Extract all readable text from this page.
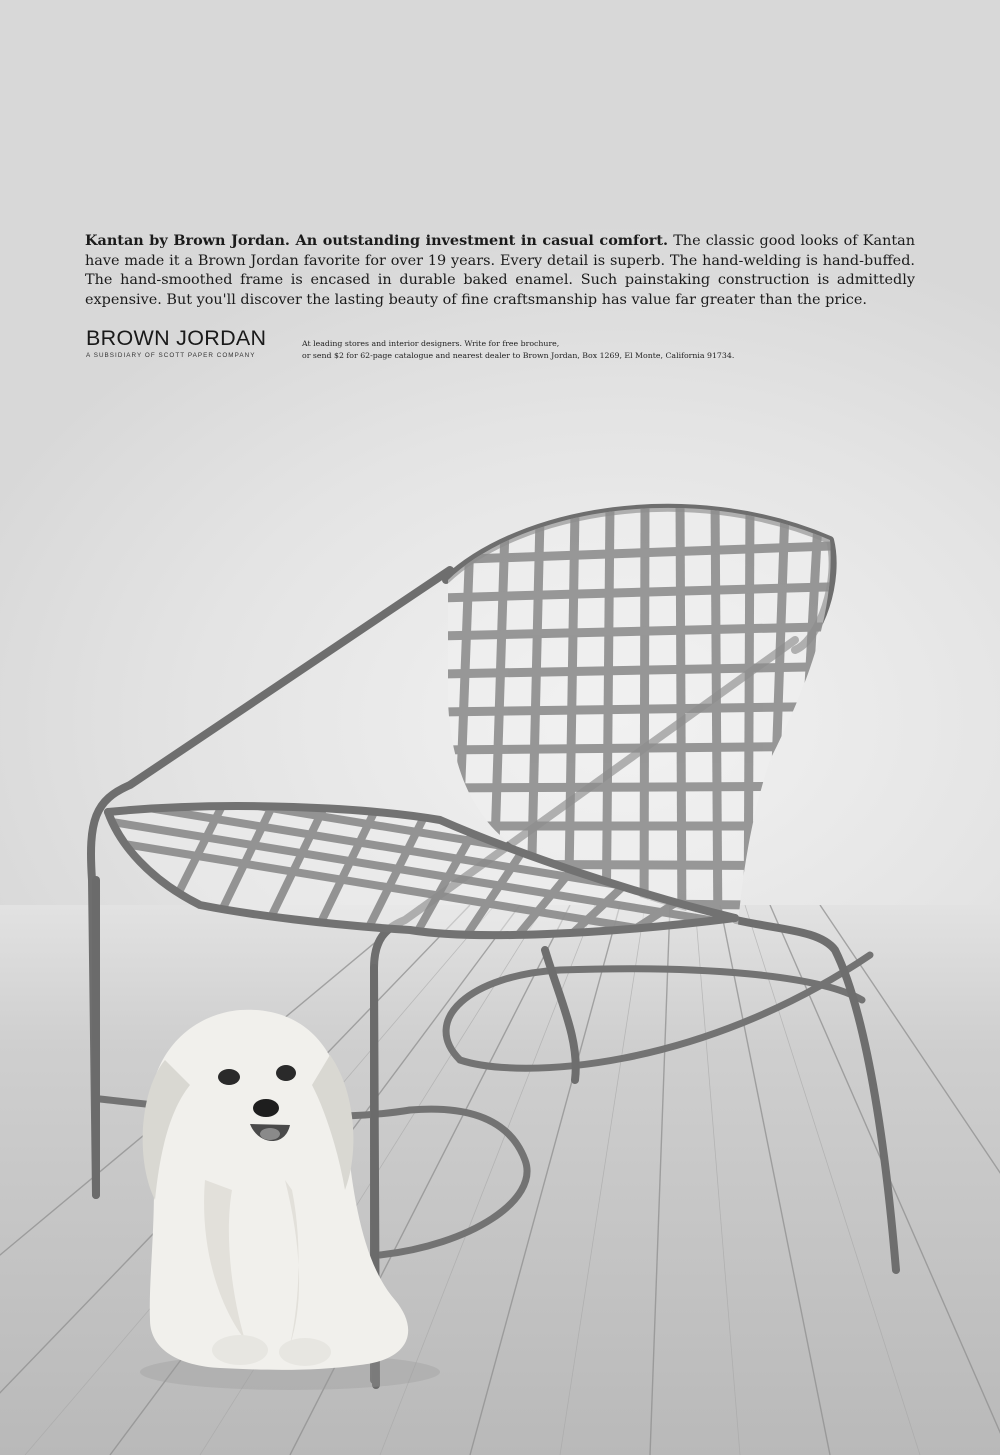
Kantan by Brown Jordan. An outstanding investment in casual comfort. The classic good looks of Kantan have made it a Brown Jordan favorite for over 19 years. Every detail is superb. The hand-welding is hand-buffed. The hand-smoothed frame is encased in durable baked enamel. Such painstaking construction is admittedly expensive. But you'll discover the lasting beauty of fine craftsmanship has value far greater than the price.

BROWN JORDAN

A SUBSIDIARY OF SCOTT PAPER COMPANY

At leading stores and interior designers. Write for free brochure,

or send $2 for 62-page catalogue and nearest dealer to Brown Jordan, Box 1269, El Monte, California 91734.
